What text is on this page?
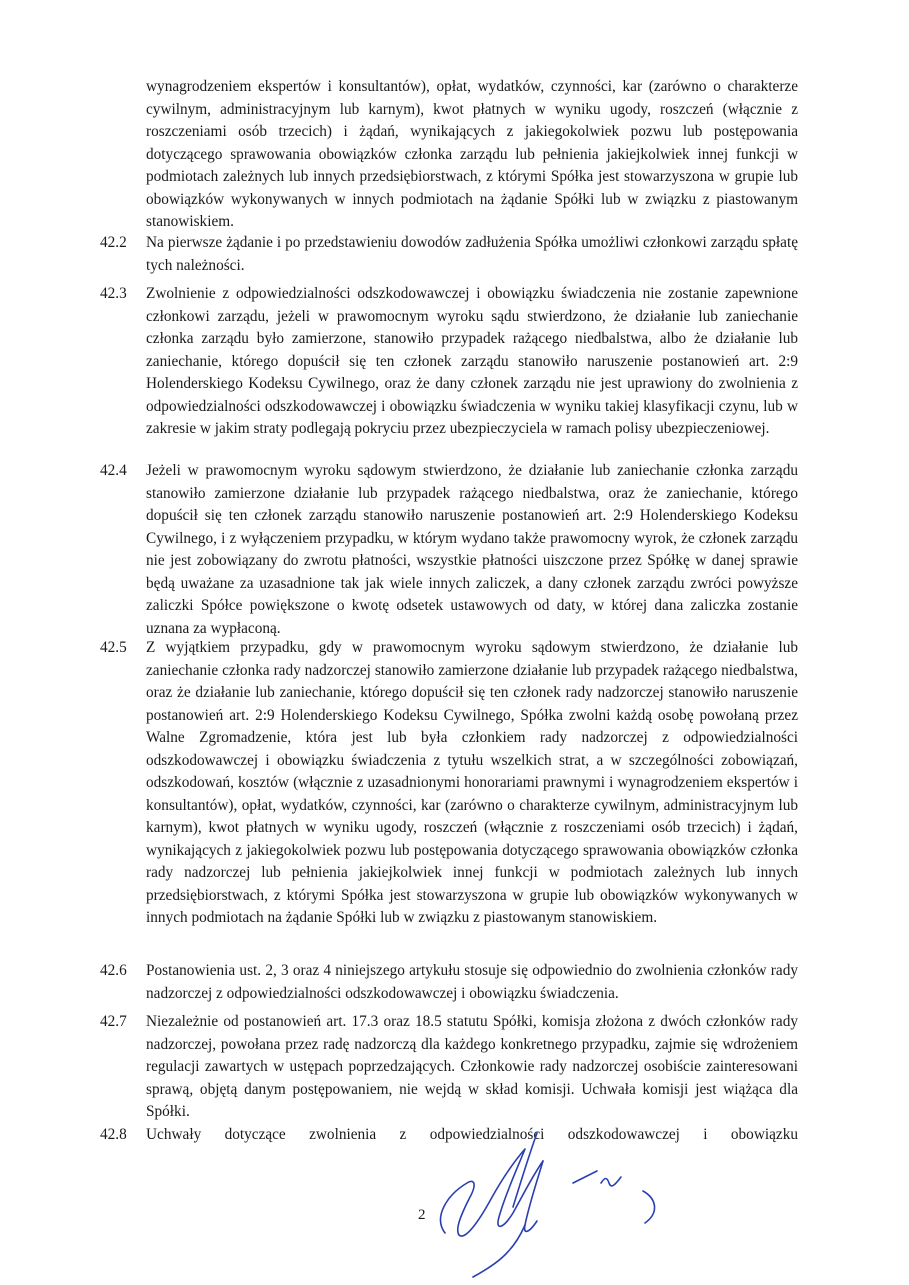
wynagrodzeniem ekspertów i konsultantów), opłat, wydatków, czynności, kar (zarówno o charakterze cywilnym, administracyjnym lub karnym), kwot płatnych w wyniku ugody, roszczeń (włącznie z roszczeniami osób trzecich) i żądań, wynikających z jakiegokolwiek pozwu lub postępowania dotyczącego sprawowania obowiązków członka zarządu lub pełnienia jakiejkolwiek innej funkcji w podmiotach zależnych lub innych przedsiębiorstwach, z którymi Spółka jest stowarzyszona w grupie lub obowiązków wykonywanych w innych podmiotach na żądanie Spółki lub w związku z piastowanym stanowiskiem.
42.2	Na pierwsze żądanie i po przedstawieniu dowodów zadłużenia Spółka umożliwi członkowi zarządu spłatę tych należności.
42.3	Zwolnienie z odpowiedzialności odszkodowawczej i obowiązku świadczenia nie zostanie zapewnione członkowi zarządu, jeżeli w prawomocnym wyroku sądu stwierdzono, że działanie lub zaniechanie członka zarządu było zamierzone, stanowiło przypadek rażącego niedbalstwa, albo że działanie lub zaniechanie, którego dopuścił się ten członek zarządu stanowiło naruszenie postanowień art. 2:9 Holenderskiego Kodeksu Cywilnego, oraz że dany członek zarządu nie jest uprawiony do zwolnienia z odpowiedzialności odszkodowawczej i obowiązku świadczenia w wyniku takiej klasyfikacji czynu, lub w zakresie w jakim straty podlegają pokryciu przez ubezpieczyciela w ramach polisy ubezpieczeniowej.
42.4	Jeżeli w prawomocnym wyroku sądowym stwierdzono, że działanie lub zaniechanie członka zarządu stanowiło zamierzone działanie lub przypadek rażącego niedbalstwa, oraz że zaniechanie, którego dopuścił się ten członek zarządu stanowiło naruszenie postanowień art. 2:9 Holenderskiego Kodeksu Cywilnego, i z wyłączeniem przypadku, w którym wydano także prawomocny wyrok, że członek zarządu nie jest zobowiązany do zwrotu płatności, wszystkie płatności uiszczone przez Spółkę w danej sprawie będą uważane za uzasadnione tak jak wiele innych zaliczek, a dany członek zarządu zwróci powyższe zaliczki Spółce powiększone o kwotę odsetek ustawowych od daty, w której dana zaliczka zostanie uznana za wypłaconą.
42.5	Z wyjątkiem przypadku, gdy w prawomocnym wyroku sądowym stwierdzono, że działanie lub zaniechanie członka rady nadzorczej stanowiło zamierzone działanie lub przypadek rażącego niedbalstwa, oraz że działanie lub zaniechanie, którego dopuścił się ten członek rady nadzorczej stanowiło naruszenie postanowień art. 2:9 Holenderskiego Kodeksu Cywilnego, Spółka zwolni każdą osobę powołaną przez Walne Zgromadzenie, która jest lub była członkiem rady nadzorczej z odpowiedzialności odszkodowawczej i obowiązku świadczenia z tytułu wszelkich strat, a w szczególności zobowiązań, odszkodowań, kosztów (włącznie z uzasadnionymi honorariami prawnymi i wynagrodzeniem ekspertów i konsultantów), opłat, wydatków, czynności, kar (zarówno o charakterze cywilnym, administracyjnym lub karnym), kwot płatnych w wyniku ugody, roszczeń (włącznie z roszczeniami osób trzecich) i żądań, wynikających z jakiegokolwiek pozwu lub postępowania dotyczącego sprawowania obowiązków członka rady nadzorczej lub pełnienia jakiejkolwiek innej funkcji w podmiotach zależnych lub innych przedsiębiorstwach, z którymi Spółka jest stowarzyszona w grupie lub obowiązków wykonywanych w innych podmiotach na żądanie Spółki lub w związku z piastowanym stanowiskiem.
42.6	Postanowienia ust. 2, 3 oraz 4 niniejszego artykułu stosuje się odpowiednio do zwolnienia członków rady nadzorczej z odpowiedzialności odszkodowawczej i obowiązku świadczenia.
42.7	Niezależnie od postanowień art. 17.3 oraz 18.5 statutu Spółki, komisja złożona z dwóch członków rady nadzorczej, powołana przez radę nadzorczą dla każdego konkretnego przypadku, zajmie się wdrożeniem regulacji zawartych w ustępach poprzedzających. Członkowie rady nadzorczej osobiście zainteresowani sprawą, objętą danym postępowaniem, nie wejdą w skład komisji. Uchwała komisji jest wiążąca dla Spółki.
42.8	Uchwały dotyczące zwolnienia z odpowiedzialności odszkodowawczej i obowiązku
2
